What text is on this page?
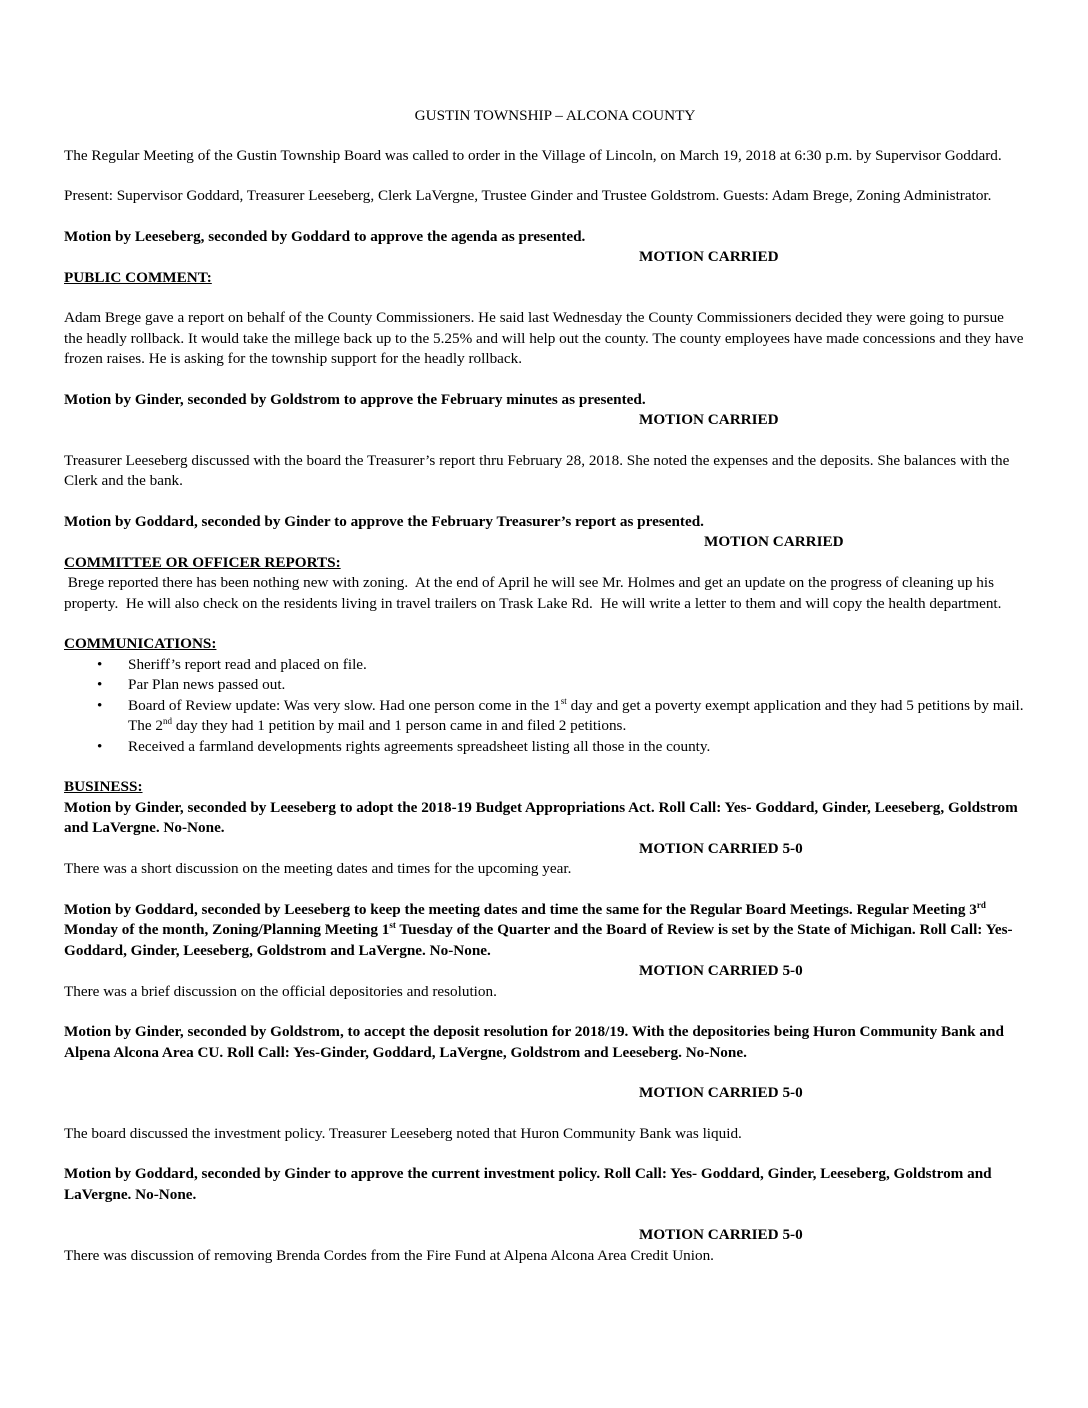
GUSTIN TOWNSHIP – ALCONA COUNTY

The Regular Meeting of the Gustin Township Board was called to order in the Village of Lincoln, on March 19, 2018 at 6:30 p.m. by Supervisor Goddard.

Present: Supervisor Goddard, Treasurer Leeseberg, Clerk LaVergne, Trustee Ginder and Trustee Goldstrom. Guests: Adam Brege, Zoning Administrator.

Motion by Leeseberg, seconded by Goddard to approve the agenda as presented.

MOTION CARRIED

PUBLIC COMMENT:

Adam Brege gave a report on behalf of the County Commissioners. He said last Wednesday the County Commissioners decided they were going to pursue the headly rollback. It would take the millege back up to the 5.25% and will help out the county. The county employees have made concessions and they have frozen raises. He is asking for the township support for the headly rollback.

Motion by Ginder, seconded by Goldstrom to approve the February minutes as presented.

MOTION CARRIED

Treasurer Leeseberg discussed with the board the Treasurer’s report thru February 28, 2018. She noted the expenses and the deposits. She balances with the Clerk and the bank.

Motion by Goddard, seconded by Ginder to approve the February Treasurer’s report as presented.

MOTION CARRIED

COMMITTEE OR OFFICER REPORTS:

Brege reported there has been nothing new with zoning.  At the end of April he will see Mr. Holmes and get an update on the progress of cleaning up his property.  He will also check on the residents living in travel trailers on Trask Lake Rd.  He will write a letter to them and will copy the health department.

COMMUNICATIONS:

• Sheriff’s report read and placed on file.
• Par Plan news passed out.
• Board of Review update: Was very slow. Had one person come in the 1st day and get a poverty exempt application and they had 5 petitions by mail. The 2nd day they had 1 petition by mail and 1 person came in and filed 2 petitions.
• Received a farmland developments rights agreements spreadsheet listing all those in the county.

BUSINESS:

Motion by Ginder, seconded by Leeseberg to adopt the 2018-19 Budget Appropriations Act. Roll Call: Yes- Goddard, Ginder, Leeseberg, Goldstrom and LaVergne. No-None.

MOTION CARRIED 5-0

There was a short discussion on the meeting dates and times for the upcoming year.

Motion by Goddard, seconded by Leeseberg to keep the meeting dates and time the same for the Regular Board Meetings. Regular Meeting 3rd Monday of the month, Zoning/Planning Meeting 1st Tuesday of the Quarter and the Board of Review is set by the State of Michigan. Roll Call: Yes-Goddard, Ginder, Leeseberg, Goldstrom and LaVergne. No-None.

MOTION CARRIED 5-0

There was a brief discussion on the official depositories and resolution.

Motion by Ginder, seconded by Goldstrom, to accept the deposit resolution for 2018/19. With the depositories being Huron Community Bank and Alpena Alcona Area CU. Roll Call: Yes-Ginder, Goddard, LaVergne, Goldstrom and Leeseberg. No-None.

MOTION CARRIED 5-0

The board discussed the investment policy. Treasurer Leeseberg noted that Huron Community Bank was liquid.

Motion by Goddard, seconded by Ginder to approve the current investment policy. Roll Call: Yes- Goddard, Ginder, Leeseberg, Goldstrom and LaVergne. No-None.

MOTION CARRIED 5-0

There was discussion of removing Brenda Cordes from the Fire Fund at Alpena Alcona Area Credit Union.
